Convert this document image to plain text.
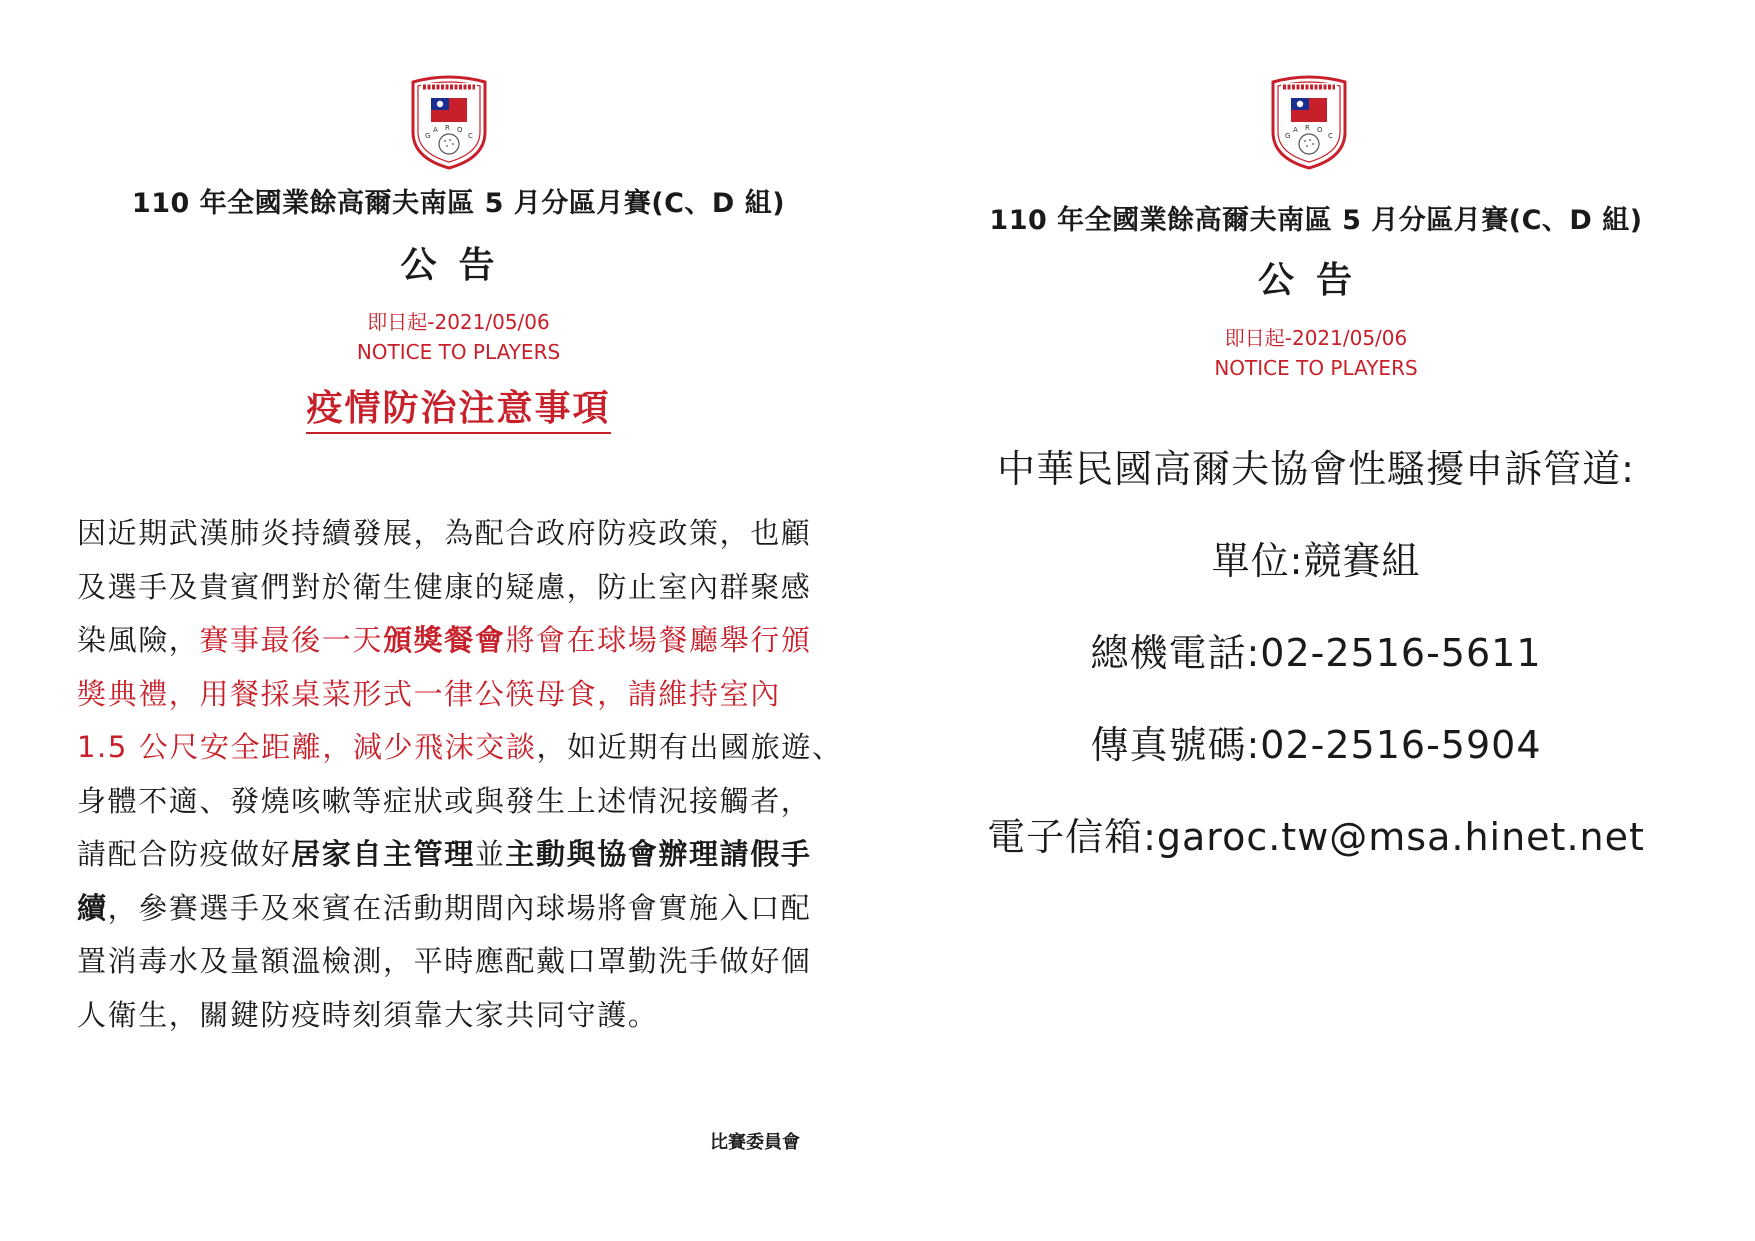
G
A R O
C
110 年全國業餘高爾夫南區 5 月分區月賽(C、D 組)
公告
即日起-2021/05/06
NOTICE TO PLAYERS
疫情防治注意事項
因近期武漢肺炎持續發展，為配合政府防疫政策，也顧
及選手及貴賓們對於衛生健康的疑慮，防止室內群聚感
染風險，賽事最後一天頒獎餐會將會在球場餐廳舉行頒
獎典禮，用餐採桌菜形式一律公筷母食，請維持室內
1.5 公尺安全距離，減少飛沫交談，如近期有出國旅遊、
身體不適、發燒咳嗽等症狀或與發生上述情況接觸者，
請配合防疫做好居家自主管理並主動與協會辦理請假手
續，參賽選手及來賓在活動期間內球場將會實施入口配
置消毒水及量額溫檢測，平時應配戴口罩勤洗手做好個
人衛生，關鍵防疫時刻須靠大家共同守護。
比賽委員會
G
A R O
C
110 年全國業餘高爾夫南區 5 月分區月賽(C、D 組)
公告
即日起-2021/05/06
NOTICE TO PLAYERS
中華民國高爾夫協會性騷擾申訴管道:
單位:競賽組
總機電話:02-2516-5611
傳真號碼:02-2516-5904
電子信箱:garoc.tw@msa.hinet.net
